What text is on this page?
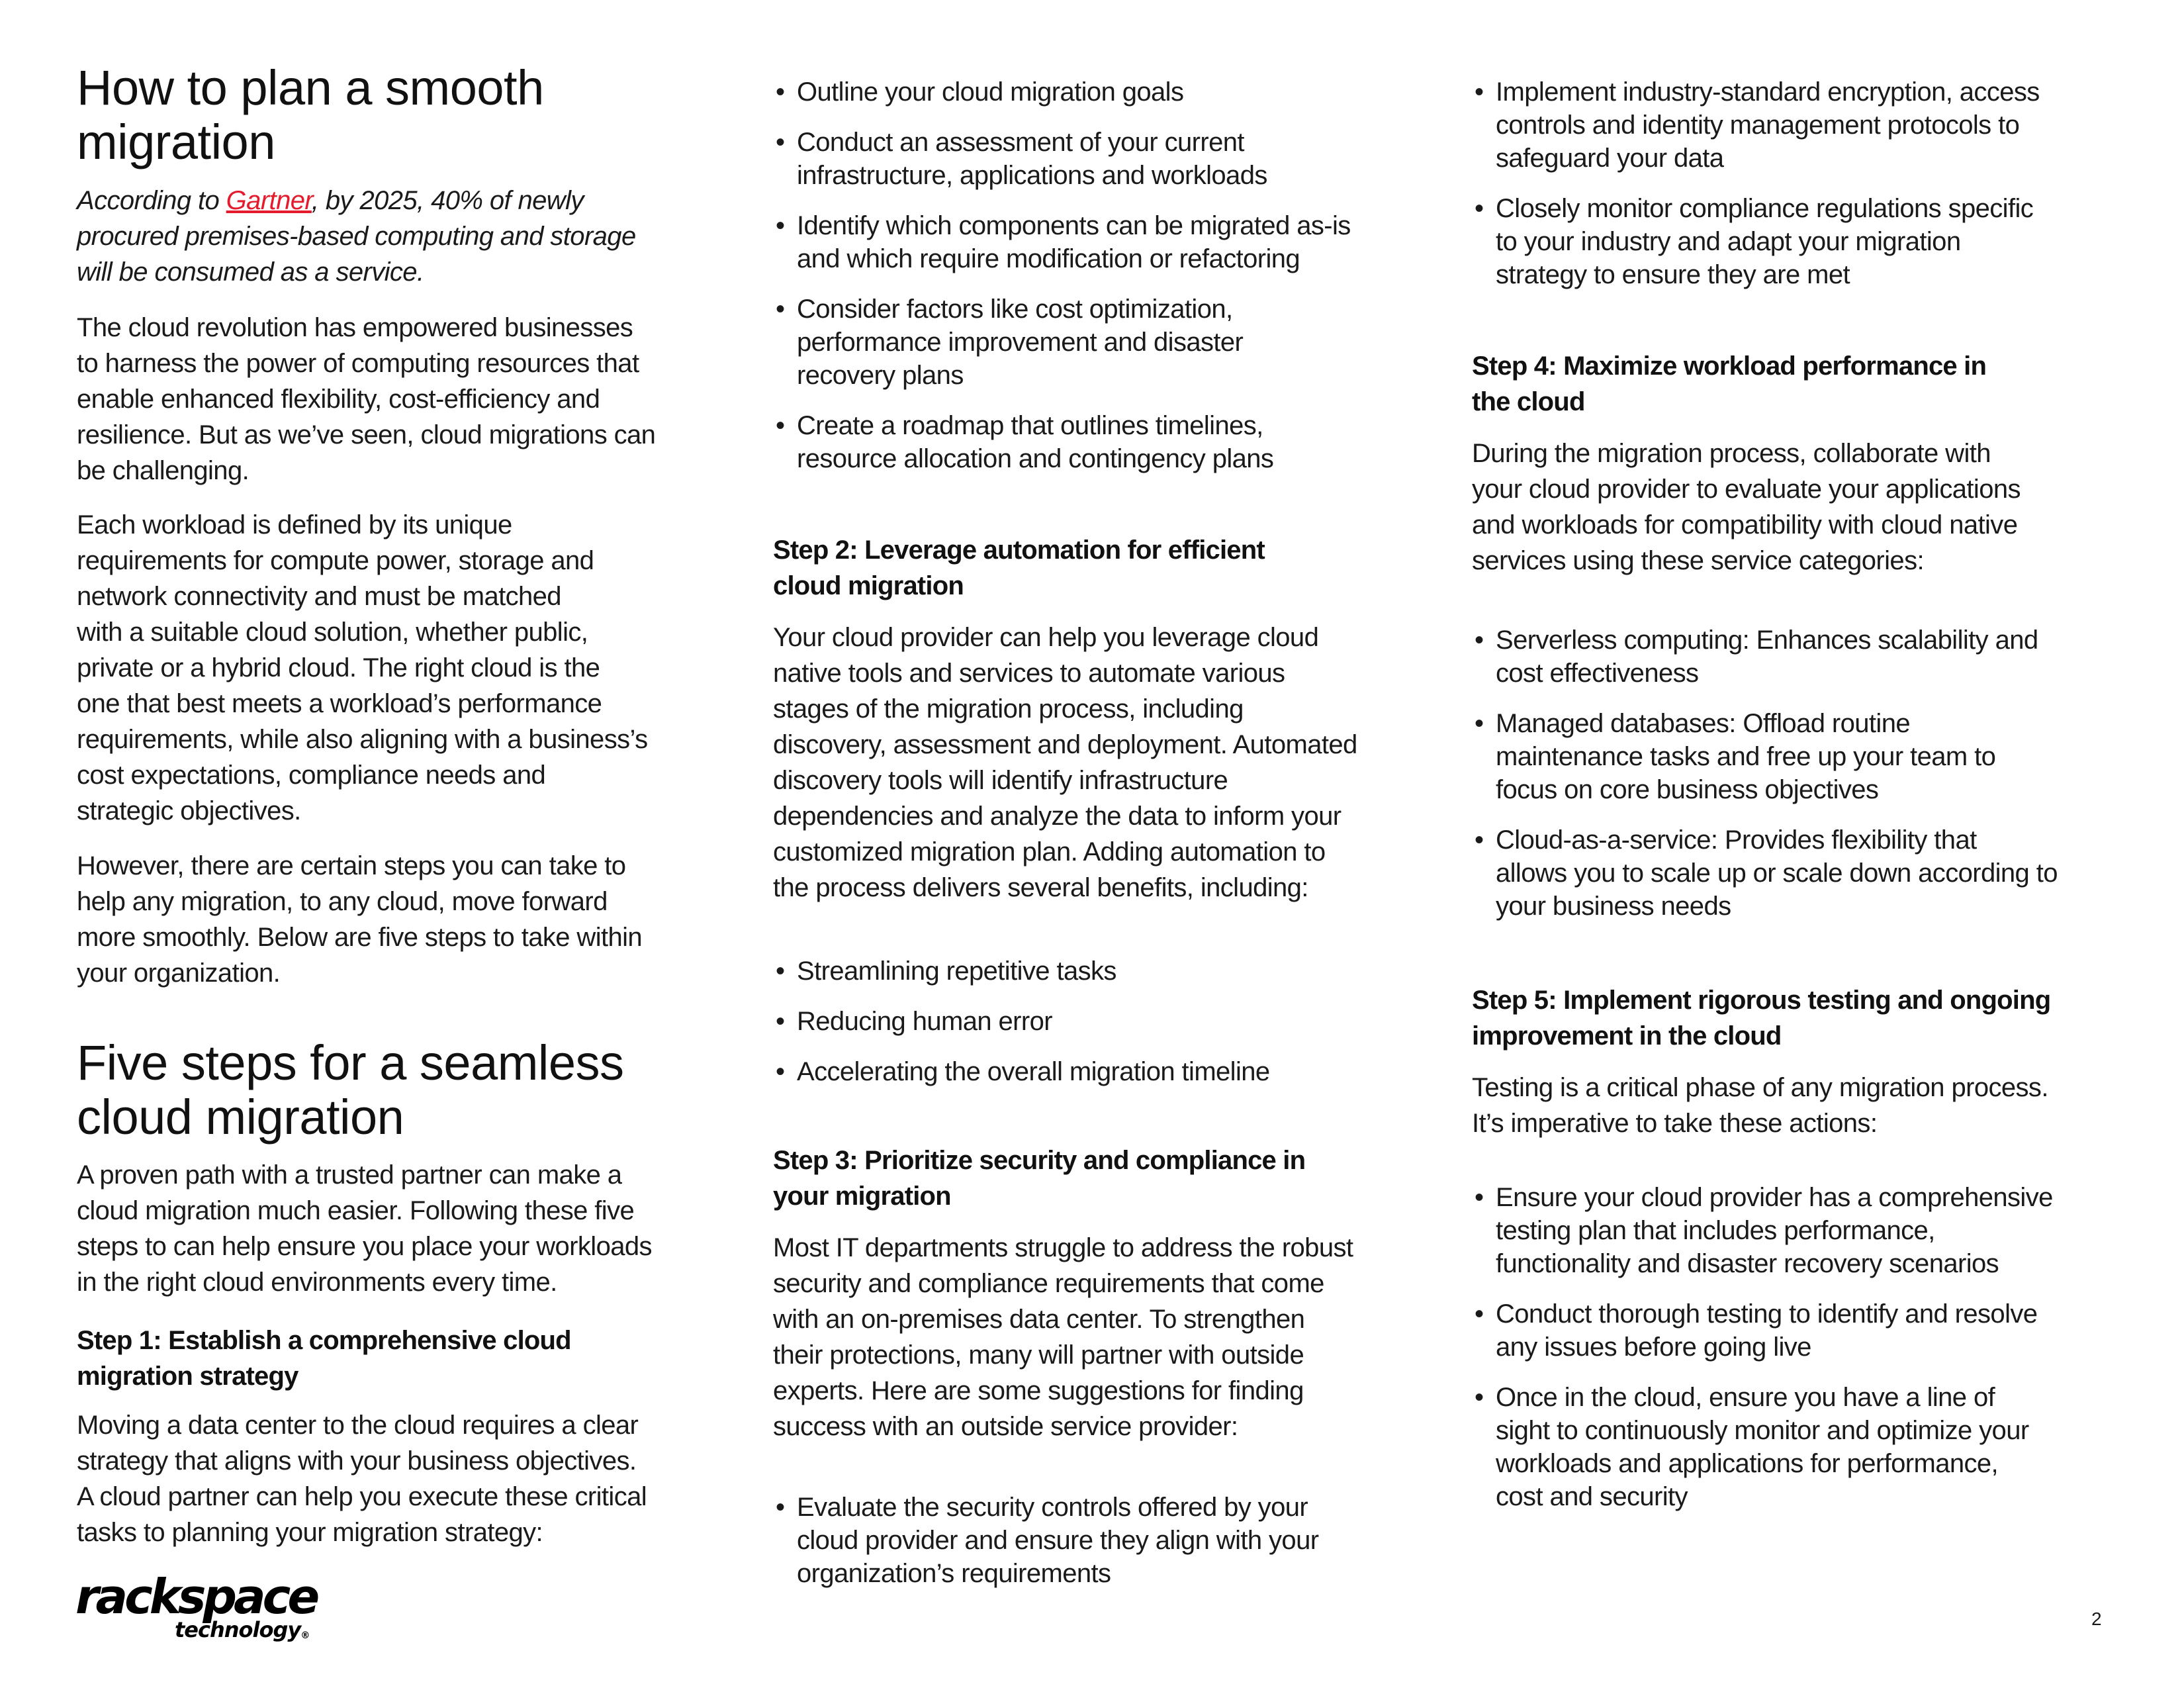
How to plan a smooth
migration
According to Gartner, by 2025, 40% of newly
procured premises-based computing and storage
will be consumed as a service.
The cloud revolution has empowered businesses
to harness the power of computing resources that
enable enhanced flexibility, cost-efficiency and
resilience. But as we’ve seen, cloud migrations can
be challenging.
Each workload is defined by its unique
requirements for compute power, storage and
network connectivity and must be matched
with a suitable cloud solution, whether public,
private or a hybrid cloud. The right cloud is the
one that best meets a workload’s performance
requirements, while also aligning with a business’s
cost expectations, compliance needs and
strategic objectives.
However, there are certain steps you can take to
help any migration, to any cloud, move forward
more smoothly. Below are five steps to take within
your organization.
Five steps for a seamless
cloud migration
A proven path with a trusted partner can make a
cloud migration much easier. Following these five
steps to can help ensure you place your workloads
in the right cloud environments every time.
Step 1: Establish a comprehensive cloud
migration strategy
Moving a data center to the cloud requires a clear
strategy that aligns with your business objectives.
A cloud partner can help you execute these critical
tasks to planning your migration strategy:
• Outline your cloud migration goals
• Conduct an assessment of your current
infrastructure, applications and workloads
• Identify which components can be migrated as-is
and which require modification or refactoring
• Consider factors like cost optimization,
performance improvement and disaster
recovery plans
• Create a roadmap that outlines timelines,
resource allocation and contingency plans
Step 2: Leverage automation for efficient
cloud migration
Your cloud provider can help you leverage cloud
native tools and services to automate various
stages of the migration process, including
discovery, assessment and deployment. Automated
discovery tools will identify infrastructure
dependencies and analyze the data to inform your
customized migration plan. Adding automation to
the process delivers several benefits, including:
• Streamlining repetitive tasks
• Reducing human error
• Accelerating the overall migration timeline
Step 3: Prioritize security and compliance in
your migration
Most IT departments struggle to address the robust
security and compliance requirements that come
with an on-premises data center. To strengthen
their protections, many will partner with outside
experts. Here are some suggestions for finding
success with an outside service provider:
• Evaluate the security controls offered by your
cloud provider and ensure they align with your
organization’s requirements
• Implement industry-standard encryption, access
controls and identity management protocols to
safeguard your data
• Closely monitor compliance regulations specific
to your industry and adapt your migration
strategy to ensure they are met
Step 4: Maximize workload performance in
the cloud
During the migration process, collaborate with
your cloud provider to evaluate your applications
and workloads for compatibility with cloud native
services using these service categories:
• Serverless computing: Enhances scalability and
cost effectiveness
• Managed databases: Offload routine
maintenance tasks and free up your team to
focus on core business objectives
• Cloud-as-a-service: Provides flexibility that
allows you to scale up or scale down according to
your business needs
Step 5: Implement rigorous testing and ongoing
improvement in the cloud
Testing is a critical phase of any migration process.
It’s imperative to take these actions:
• Ensure your cloud provider has a comprehensive
testing plan that includes performance,
functionality and disaster recovery scenarios
• Conduct thorough testing to identify and resolve
any issues before going live
• Once in the cloud, ensure you have a line of
sight to continuously monitor and optimize your
workloads and applications for performance,
cost and security
rackspace
technology®
2
